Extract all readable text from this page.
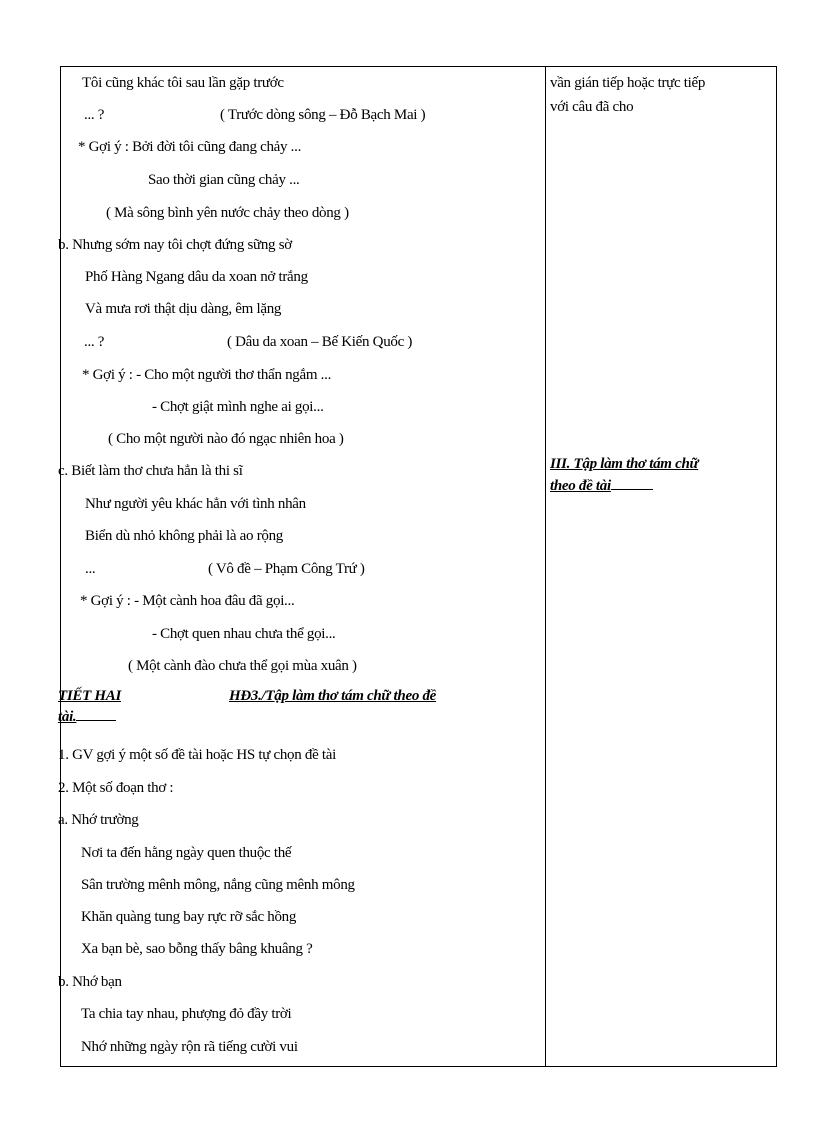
Tôi cũng khác tôi sau lần gặp trước
... ?	( Trước dòng sông – Đỗ Bạch Mai )
* Gợi ý : Bởi đời tôi cũng đang chảy ...
Sao thời gian cũng chảy ...
( Mà sông bình yên nước chảy theo dòng )
b. Nhưng sớm nay tôi chợt đứng sững sờ
Phố Hàng Ngang dâu da xoan nở trắng
Và mưa rơi thật dịu dàng, êm lặng
... ?	( Dâu da xoan – Bế Kiến Quốc )
* Gợi ý : - Cho một người thơ thẩn ngắm ...
- Chợt giật mình nghe ai gọi...
( Cho một người nào đó ngạc nhiên hoa )
c. Biết làm thơ chưa hẳn là thi sĩ
Như người yêu khác hẳn với tình nhân
Biển dù nhỏ không phải là ao rộng
...	( Vô đề – Phạm Công Trứ )
* Gợi ý : - Một cành hoa đâu đã gọi...
- Chợt quen nhau chưa thể gọi...
( Một cành đào chưa thể gọi mùa xuân )
TIẾT HAI	HĐ3./Tập làm thơ tám chữ theo đề
tài.
1. GV gợi ý một số đề tài hoặc HS tự chọn đề tài
2. Một số đoạn thơ :
a. Nhớ trường
Nơi ta đến hằng ngày quen thuộc thế
Sân trường mênh mông, nắng cũng mênh mông
Khăn quàng tung bay rực rỡ sắc hồng
Xa bạn bè, sao bỗng thấy bâng khuâng ?
b. Nhớ bạn
Ta chia tay nhau, phượng đỏ đầy trời
Nhớ những ngày rộn rã tiếng cười vui
vần gián tiếp hoặc trực tiếp
với câu đã cho
III. Tập làm thơ tám chữ
theo đề tài
